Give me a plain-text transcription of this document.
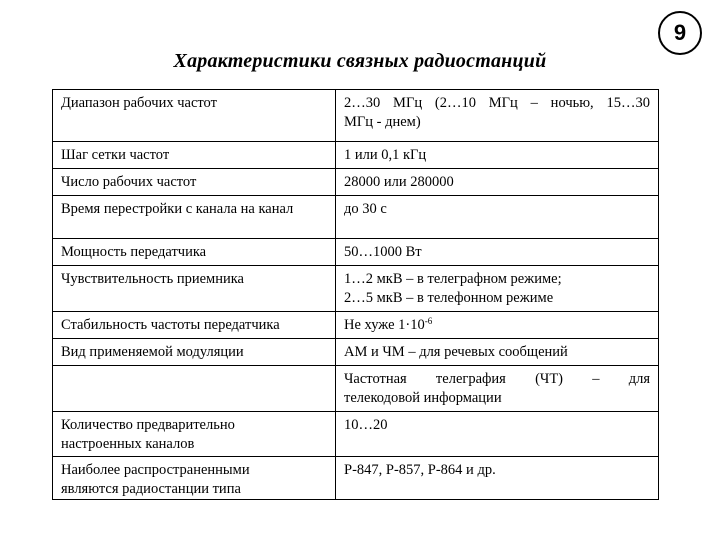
9
Характеристики связных радиостанций
Диапазон рабочих частот	2…30 МГц (2…10 МГц – ночью, 15…30
МГц - днем)

Шаг сетки частот	1 или 0,1 кГц
Число рабочих частот	28000 или 280000
Время перестройки с канала на канал	до 30 с
Мощность передатчика	50…1000 Вт
Чувствительность приемника	1…2 мкВ – в телеграфном режиме;
2…5 мкВ – в телефонном режиме

Стабильность частоты передатчика	Не хуже $1\cdot 10^{-6}$
Вид применяемой модуляции	АМ и ЧМ – для речевых сообщений

	Частотная телеграфия (ЧТ) – для
телекодовой информации

Количество предварительно
настроенных каналов	10…20

Наиболее распространенными
являются радиостанции типа	Р-847, Р-857, Р-864 и др.
